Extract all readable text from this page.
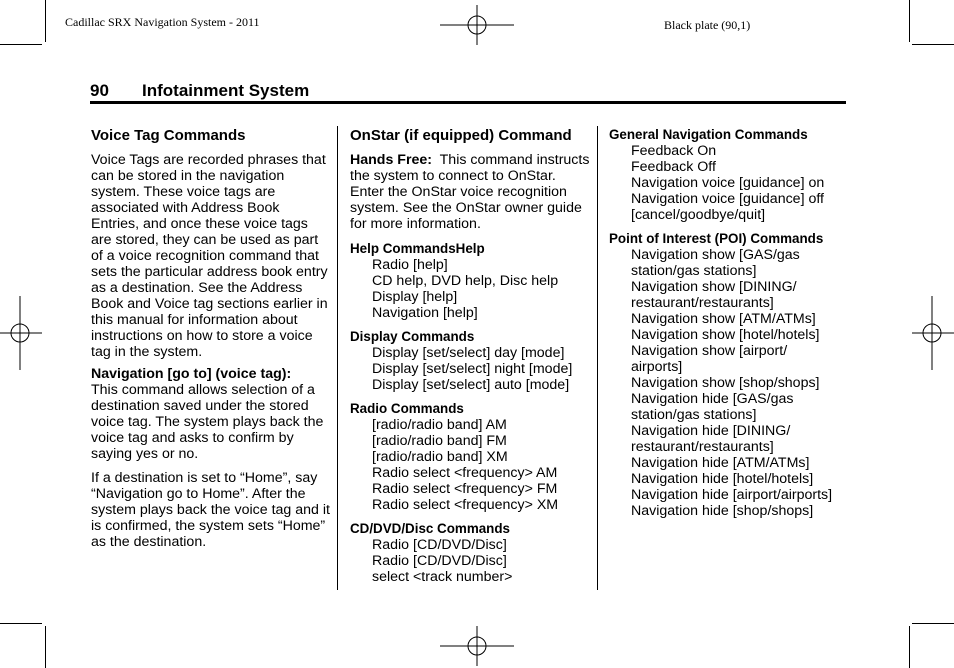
Cadillac SRX Navigation System - 2011	Black plate (90,1)
90 Infotainment System
Voice Tag Commands

Voice Tags are recorded phrases that can be stored in the navigation system. These voice tags are associated with Address Book Entries, and once these voice tags are stored, they can be used as part of a voice recognition command that sets the particular address book entry as a destination. See the Address Book and Voice tag sections earlier in this manual for information about instructions on how to store a voice tag in the system.

Navigation [go to] (voice tag):
This command allows selection of a destination saved under the stored voice tag. The system plays back the voice tag and asks to confirm by saying yes or no.

If a destination is set to “Home”, say “Navigation go to Home”. After the system plays back the voice tag and it is confirmed, the system sets “Home” as the destination.

OnStar (if equipped) Command

Hands Free: This command instructs the system to connect to OnStar. Enter the OnStar voice recognition system. See the OnStar owner guide for more information.

Help CommandsHelp
Radio [help]
CD help, DVD help, Disc help
Display [help]
Navigation [help]
Display Commands
Display [set/select] day [mode]
Display [set/select] night [mode]
Display [set/select] auto [mode]
Radio Commands
[radio/radio band] AM
[radio/radio band] FM
[radio/radio band] XM
Radio select <frequency> AM
Radio select <frequency> FM
Radio select <frequency> XM
CD/DVD/Disc Commands
Radio [CD/DVD/Disc]
Radio [CD/DVD/Disc]
select <track number>
General Navigation Commands
Feedback On
Feedback Off
Navigation voice [guidance] on
Navigation voice [guidance] off
[cancel/goodbye/quit]
Point of Interest (POI) Commands
Navigation show [GAS/gas
station/gas stations]
Navigation show [DINING/
restaurant/restaurants]
Navigation show [ATM/ATMs]
Navigation show [hotel/hotels]
Navigation show [airport/
airports]
Navigation show [shop/shops]
Navigation hide [GAS/gas
station/gas stations]
Navigation hide [DINING/
restaurant/restaurants]
Navigation hide [ATM/ATMs]
Navigation hide [hotel/hotels]
Navigation hide [airport/airports]
Navigation hide [shop/shops]
